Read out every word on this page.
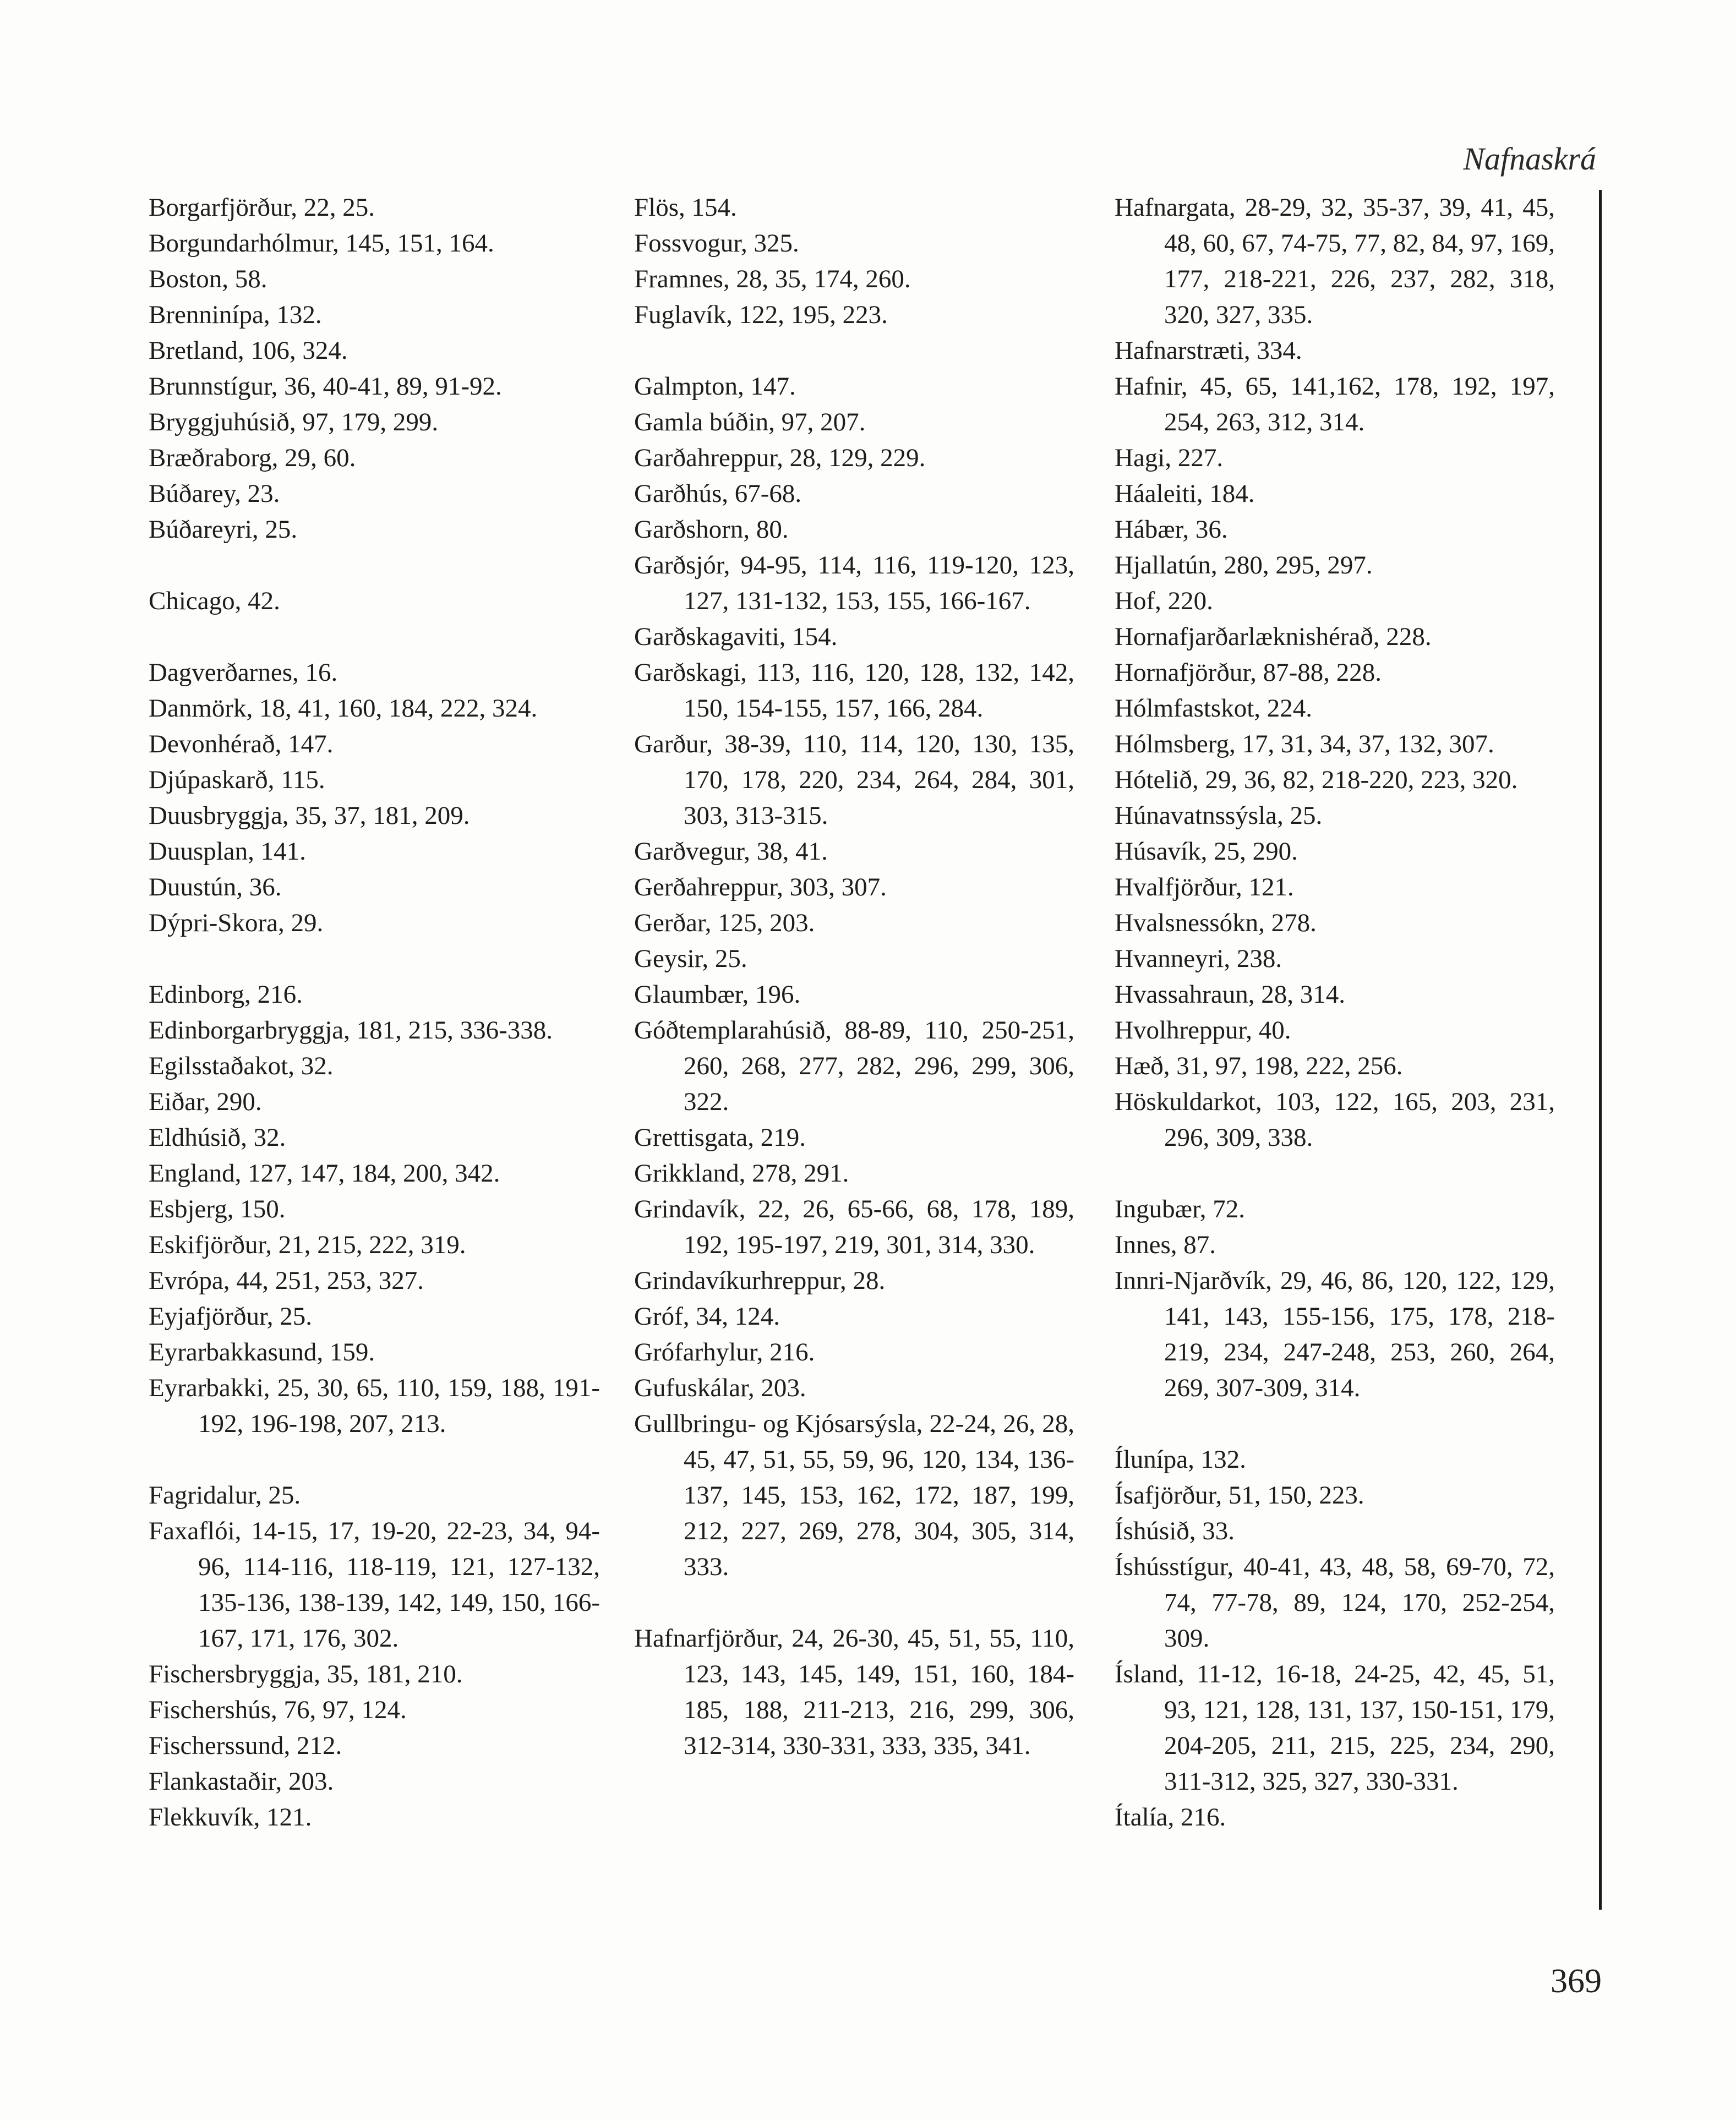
Nafnaskrá
Borgarfjörður, 22, 25.
Borgundarhólmur, 145, 151, 164.
Boston, 58.
Brenninípa, 132.
Bretland, 106, 324.
Brunnstígur, 36, 40-41, 89, 91-92.
Bryggjuhúsið, 97, 179, 299.
Bræðraborg, 29, 60.
Búðarey, 23.
Búðareyri, 25.
Chicago, 42.
Dagverðarnes, 16.
Danmörk, 18, 41, 160, 184, 222, 324.
Devonhérað, 147.
Djúpaskarð, 115.
Duusbryggja, 35, 37, 181, 209.
Duusplan, 141.
Duustún, 36.
Dýpri-Skora, 29.
Edinborg, 216.
Edinborgarbryggja, 181, 215, 336-338.
Egilsstaðakot, 32.
Eiðar, 290.
Eldhúsið, 32.
England, 127, 147, 184, 200, 342.
Esbjerg, 150.
Eskifjörður, 21, 215, 222, 319.
Evrópa, 44, 251, 253, 327.
Eyjafjörður, 25.
Eyrarbakkasund, 159.
Eyrarbakki, 25, 30, 65, 110, 159, 188, 191-192, 196-198, 207, 213.
Fagridalur, 25.
Faxaflói, 14-15, 17, 19-20, 22-23, 34, 94-96, 114-116, 118-119, 121, 127-132, 135-136, 138-139, 142, 149, 150, 166-167, 171, 176, 302.
Fischersbryggja, 35, 181, 210.
Fischershús, 76, 97, 124.
Fischerssund, 212.
Flankastaðir, 203.
Flekkuvík, 121.
Flös, 154.
Fossvogur, 325.
Framnes, 28, 35, 174, 260.
Fuglavík, 122, 195, 223.
Galmpton, 147.
Gamla búðin, 97, 207.
Garðahreppur, 28, 129, 229.
Garðhús, 67-68.
Garðshorn, 80.
Garðsjór, 94-95, 114, 116, 119-120, 123, 127, 131-132, 153, 155, 166-167.
Garðskagaviti, 154.
Garðskagi, 113, 116, 120, 128, 132, 142, 150, 154-155, 157, 166, 284.
Garður, 38-39, 110, 114, 120, 130, 135, 170, 178, 220, 234, 264, 284, 301, 303, 313-315.
Garðvegur, 38, 41.
Gerðahreppur, 303, 307.
Gerðar, 125, 203.
Geysir, 25.
Glaumbær, 196.
Góðtemplarahúsið, 88-89, 110, 250-251, 260, 268, 277, 282, 296, 299, 306, 322.
Grettisgata, 219.
Grikkland, 278, 291.
Grindavík, 22, 26, 65-66, 68, 178, 189, 192, 195-197, 219, 301, 314, 330.
Grindavíkurhreppur, 28.
Gróf, 34, 124.
Grófarhylur, 216.
Gufuskálar, 203.
Gullbringu- og Kjósarsýsla, 22-24, 26, 28, 45, 47, 51, 55, 59, 96, 120, 134, 136-137, 145, 153, 162, 172, 187, 199, 212, 227, 269, 278, 304, 305, 314, 333.
Hafnarfjörður, 24, 26-30, 45, 51, 55, 110, 123, 143, 145, 149, 151, 160, 184-185, 188, 211-213, 216, 299, 306, 312-314, 330-331, 333, 335, 341.
Hafnargata, 28-29, 32, 35-37, 39, 41, 45, 48, 60, 67, 74-75, 77, 82, 84, 97, 169, 177, 218-221, 226, 237, 282, 318, 320, 327, 335.
Hafnarstræti, 334.
Hafnir, 45, 65, 141,162, 178, 192, 197, 254, 263, 312, 314.
Hagi, 227.
Háaleiti, 184.
Hábær, 36.
Hjallatún, 280, 295, 297.
Hof, 220.
Hornafjarðarlæknishérað, 228.
Hornafjörður, 87-88, 228.
Hólmfastskot, 224.
Hólmsberg, 17, 31, 34, 37, 132, 307.
Hótelið, 29, 36, 82, 218-220, 223, 320.
Húnavatnssýsla, 25.
Húsavík, 25, 290.
Hvalfjörður, 121.
Hvalsnessókn, 278.
Hvanneyri, 238.
Hvassahraun, 28, 314.
Hvolhreppur, 40.
Hæð, 31, 97, 198, 222, 256.
Höskuldarkot, 103, 122, 165, 203, 231, 296, 309, 338.
Ingubær, 72.
Innes, 87.
Innri-Njarðvík, 29, 46, 86, 120, 122, 129, 141, 143, 155-156, 175, 178, 218-219, 234, 247-248, 253, 260, 264, 269, 307-309, 314.
Ílunípa, 132.
Ísafjörður, 51, 150, 223.
Íshúsið, 33.
Íshússtígur, 40-41, 43, 48, 58, 69-70, 72, 74, 77-78, 89, 124, 170, 252-254, 309.
Ísland, 11-12, 16-18, 24-25, 42, 45, 51, 93, 121, 128, 131, 137, 150-151, 179, 204-205, 211, 215, 225, 234, 290, 311-312, 325, 327, 330-331.
Ítalía, 216.
369
